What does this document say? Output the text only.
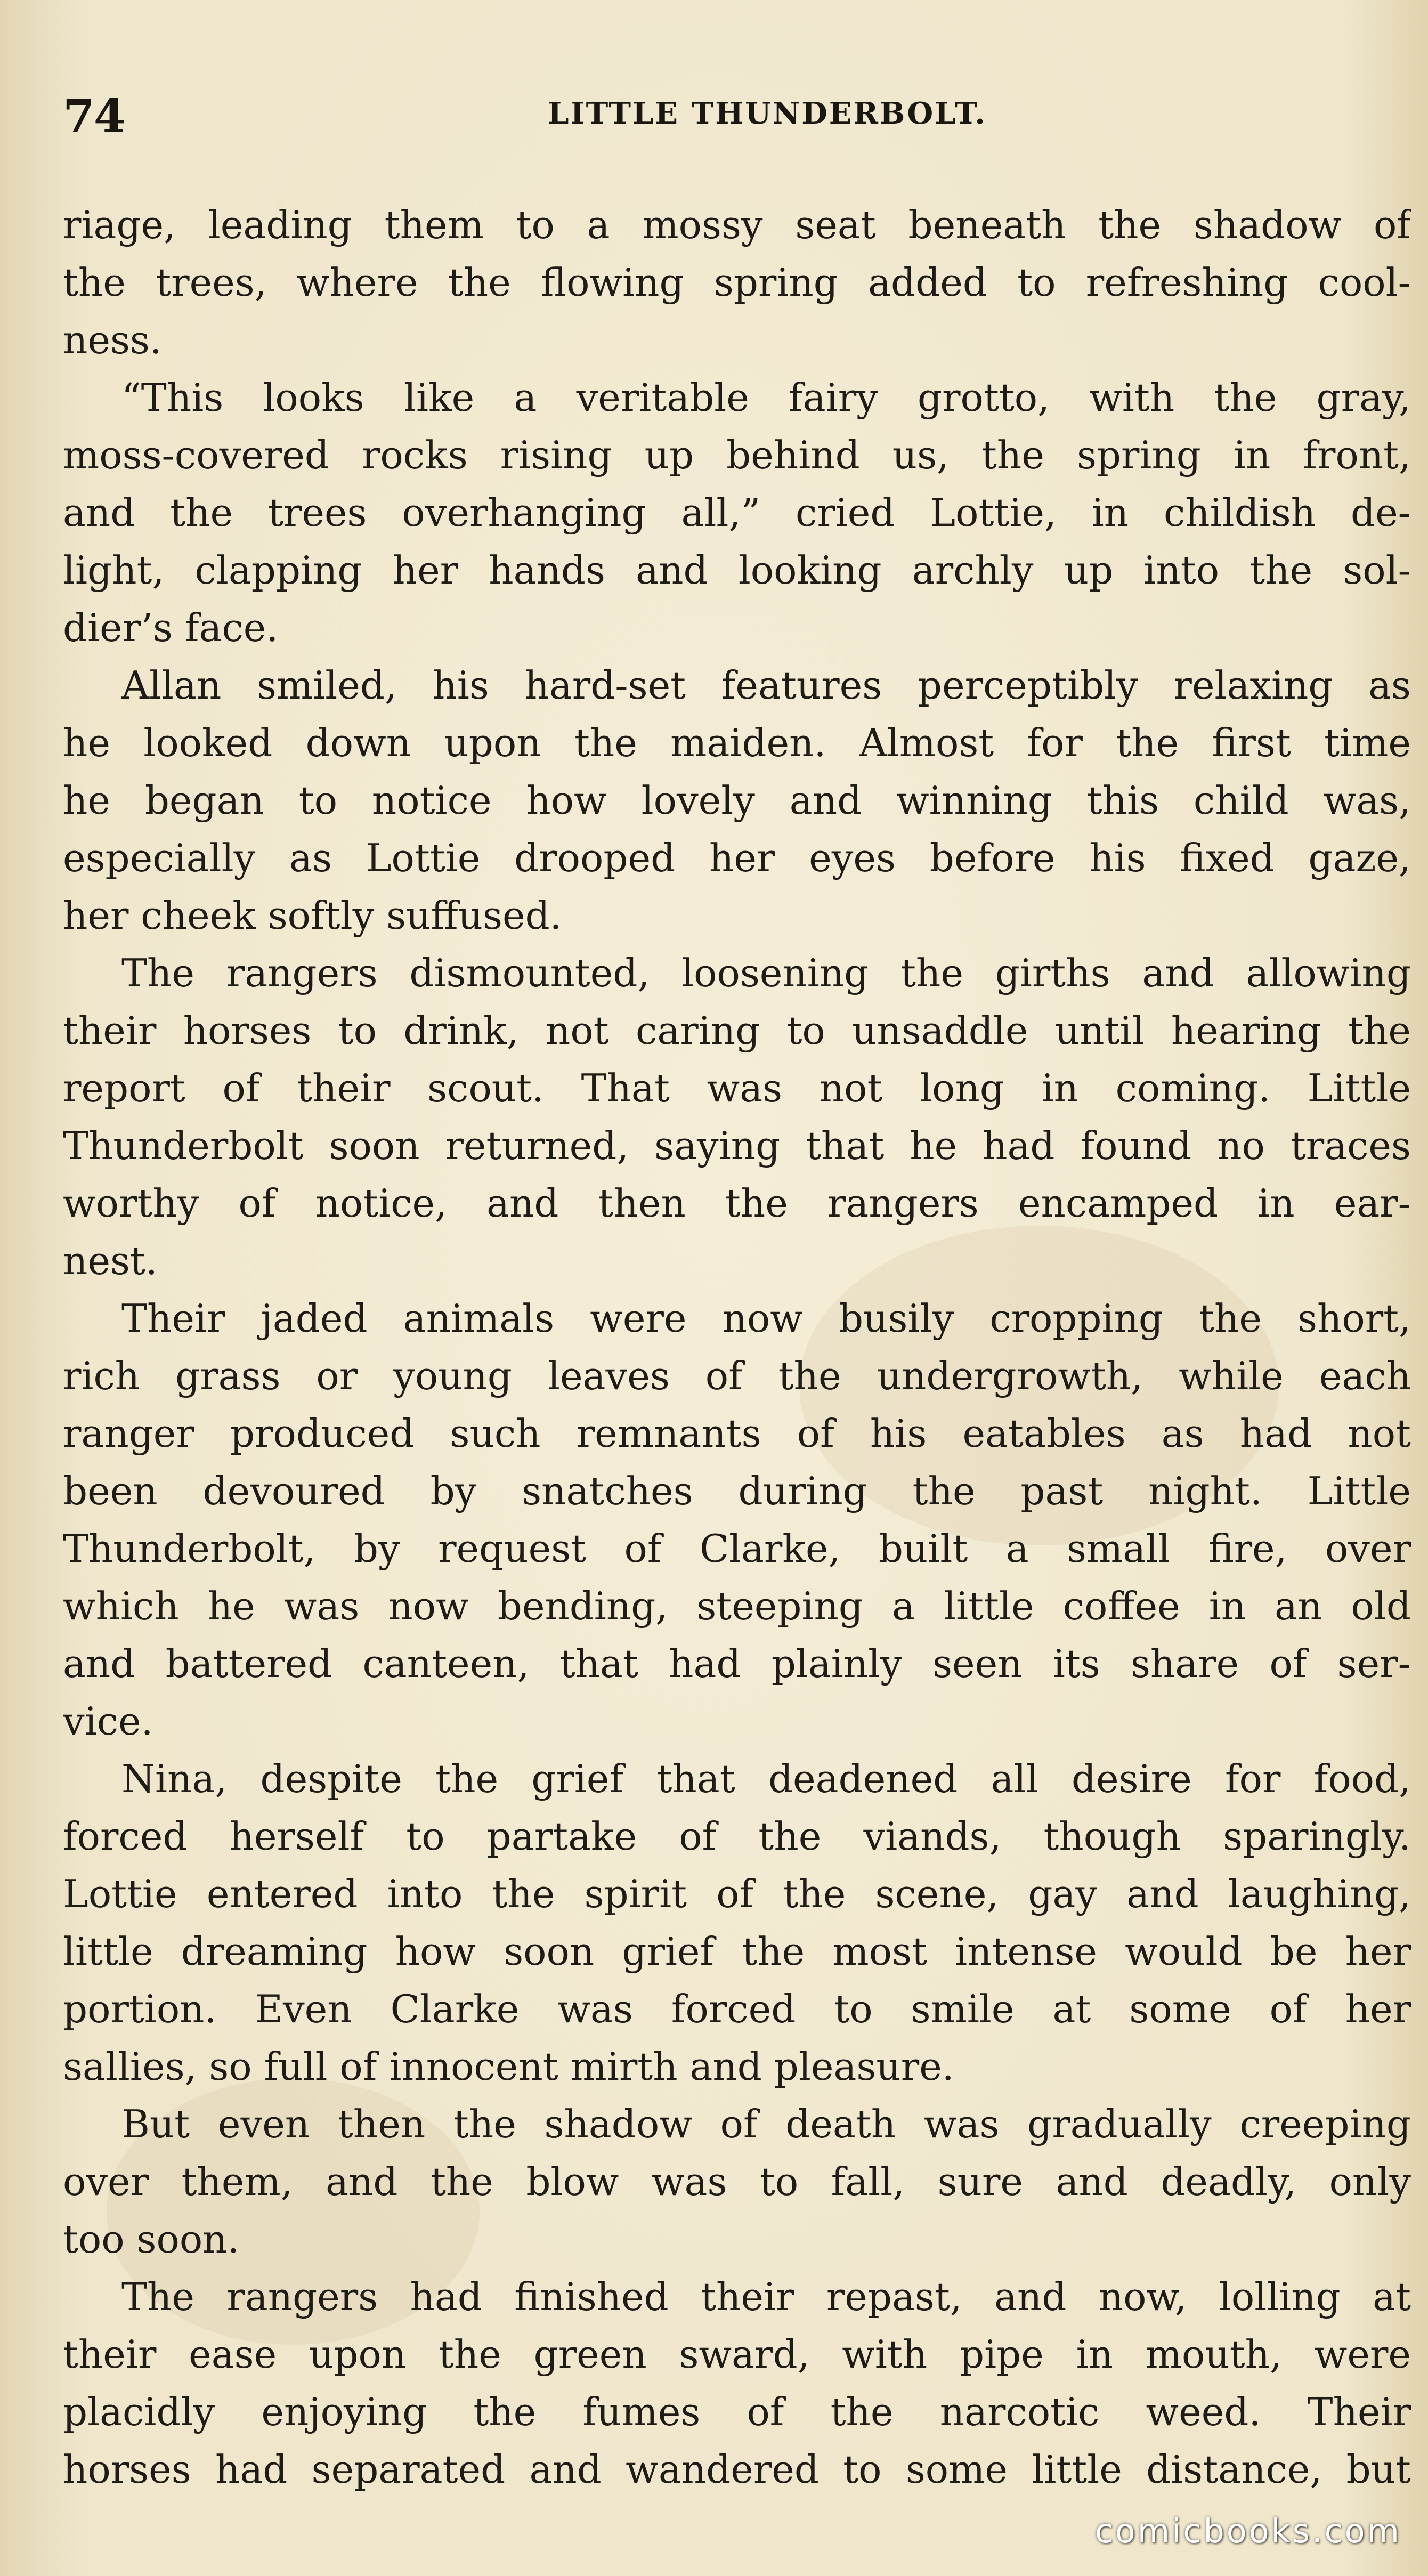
74	LITTLE THUNDERBOLT.
riage, leading them to a mossy seat beneath the shadow of
the trees, where the flowing spring added to refreshing cool-
ness.
“This looks like a veritable fairy grotto, with the gray,
moss-covered rocks rising up behind us, the spring in front,
and the trees overhanging all,” cried Lottie, in childish de-
light, clapping her hands and looking archly up into the sol-
dier’s face.
Allan smiled, his hard-set features perceptibly relaxing as
he looked down upon the maiden. Almost for the first time
he began to notice how lovely and winning this child was,
especially as Lottie drooped her eyes before his fixed gaze,
her cheek softly suffused.
The rangers dismounted, loosening the girths and allowing
their horses to drink, not caring to unsaddle until hearing the
report of their scout. That was not long in coming. Little
Thunderbolt soon returned, saying that he had found no traces
worthy of notice, and then the rangers encamped in ear-
nest.
Their jaded animals were now busily cropping the short,
rich grass or young leaves of the undergrowth, while each
ranger produced such remnants of his eatables as had not
been devoured by snatches during the past night. Little
Thunderbolt, by request of Clarke, built a small fire, over
which he was now bending, steeping a little coffee in an old
and battered canteen, that had plainly seen its share of ser-
vice.
Nina, despite the grief that deadened all desire for food,
forced herself to partake of the viands, though sparingly.
Lottie entered into the spirit of the scene, gay and laughing,
little dreaming how soon grief the most intense would be her
portion. Even Clarke was forced to smile at some of her
sallies, so full of innocent mirth and pleasure.
But even then the shadow of death was gradually creeping
over them, and the blow was to fall, sure and deadly, only
too soon.
The rangers had finished their repast, and now, lolling at
their ease upon the green sward, with pipe in mouth, were
placidly enjoying the fumes of the narcotic weed. Their
horses had separated and wandered to some little distance, but
comicbooks.com
